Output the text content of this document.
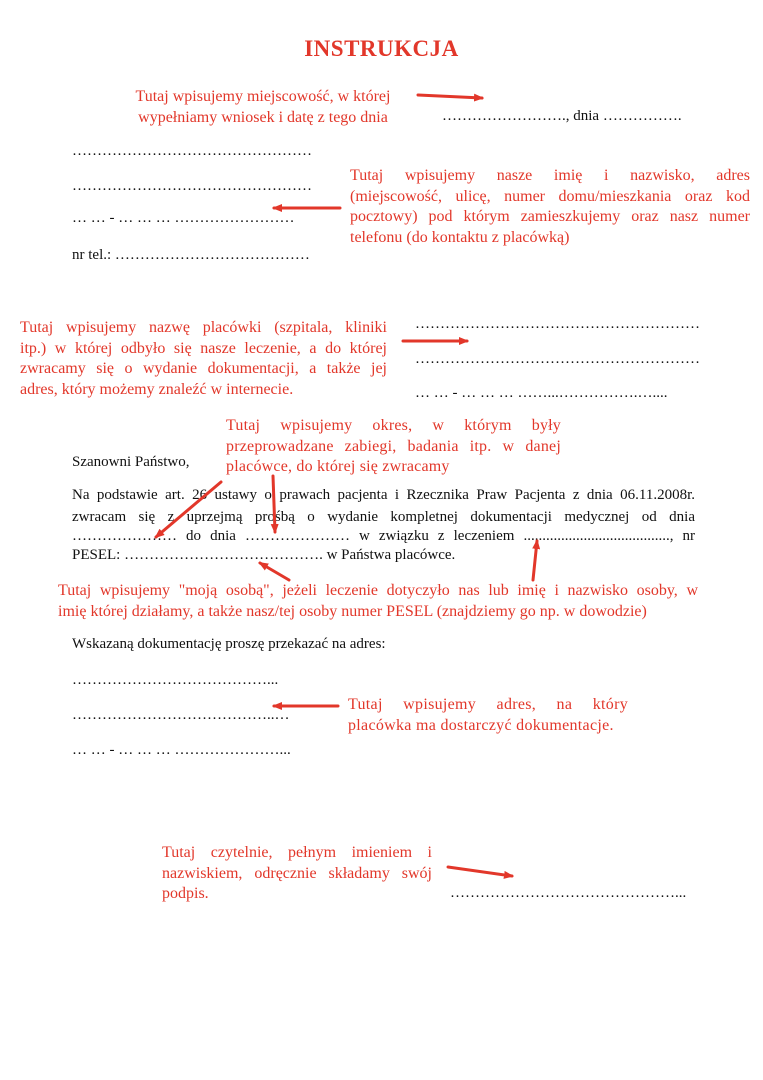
INSTRUKCJA
Tutaj wpisujemy miejscowość, w której
wypełniamy wniosek i datę z tego dnia	……………………., dnia …………….
…………………………………………
…………………………………………
… … - … … … ……………………
nr tel.: …………………………………
Tutaj wpisujemy nasze imię i nazwisko, adres
(miejscowość, ulicę, numer domu/mieszkania oraz kod
pocztowy) pod którym zamieszkujemy oraz nasz numer
telefonu (do kontaktu z placówką)
Tutaj wpisujemy nazwę placówki (szpitala, kliniki
itp.) w której odbyło się nasze leczenie, a do której
zwracamy się o wydanie dokumentacji, a także jej
adres, który możemy znaleźć w internecie.
…………………………………………………
…………………………………………………
… … - … … … ……...…………….…....
Tutaj wpisujemy okres, w którym były
przeprowadzane zabiegi, badania itp. w danej
placówce, do której się zwracamy
Szanowni Państwo,
Na podstawie art. 26 ustawy o prawach pacjenta i Rzecznika Praw Pacjenta z dnia 06.11.2008r.
zwracam się z uprzejmą prośbą o wydanie kompletnej dokumentacji medycznej od dnia
………………… do dnia ………………… w związku z leczeniem ......................................., nr
PESEL: …………………………………. w Państwa placówce.
Tutaj wpisujemy "moją osobą", jeżeli leczenie dotyczyło nas lub imię i nazwisko osoby, w
imię której działamy, a także nasz/tej osoby numer PESEL (znajdziemy go np. w dowodzie)
Wskazaną dokumentację proszę przekazać na adres:
…………………………………...
…………………………………..…
… … - … … … …………………...
Tutaj wpisujemy adres, na który
placówka ma dostarczyć dokumentacje.
Tutaj czytelnie, pełnym imieniem i
nazwiskiem, odręcznie składamy swój
podpis.	………………………………………...
